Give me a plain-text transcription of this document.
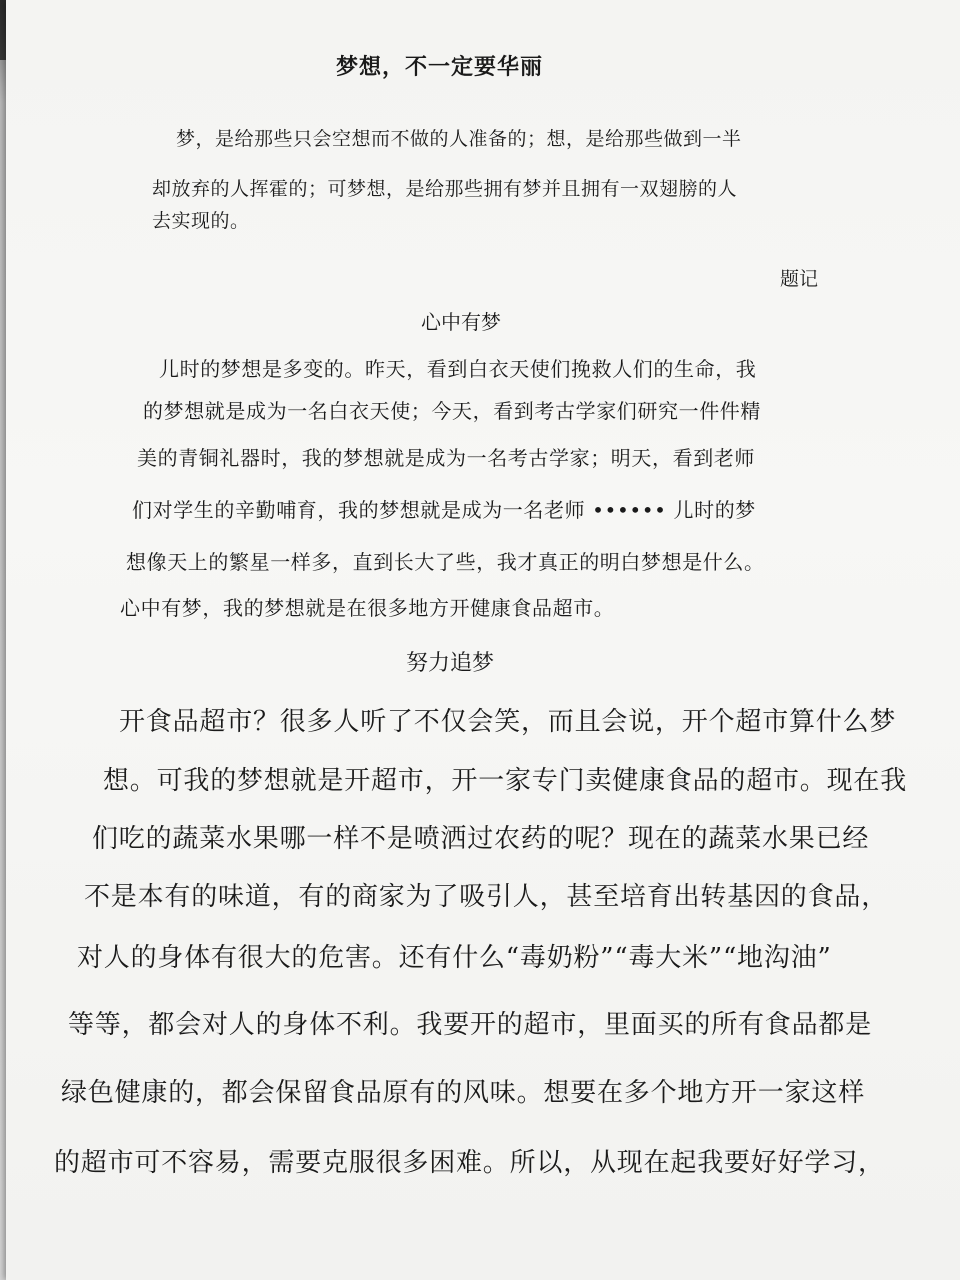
梦想，不一定要华丽

梦，是给那些只会空想而不做的人准备的；想，是给那些做到一半

却放弃的人挥霍的；可梦想，是给那些拥有梦并且拥有一双翅膀的人

去实现的。

题记

心中有梦

儿时的梦想是多变的。昨天，看到白衣天使们挽救人们的生命，我

的梦想就是成为一名白衣天使；今天，看到考古学家们研究一件件精

美的青铜礼器时，我的梦想就是成为一名考古学家；明天，看到老师

们对学生的辛勤哺育，我的梦想就是成为一名老师 •••••• 儿时的梦

想像天上的繁星一样多，直到长大了些，我才真正的明白梦想是什么。

心中有梦，我的梦想就是在很多地方开健康食品超市。

努力追梦

开食品超市？很多人听了不仅会笑，而且会说，开个超市算什么梦

想。可我的梦想就是开超市，开一家专门卖健康食品的超市。现在我

们吃的蔬菜水果哪一样不是喷洒过农药的呢？现在的蔬菜水果已经

不是本有的味道，有的商家为了吸引人，甚至培育出转基因的食品，

对人的身体有很大的危害。还有什么“毒奶粉”“毒大米”“地沟油”

等等，都会对人的身体不利。我要开的超市，里面买的所有食品都是

绿色健康的，都会保留食品原有的风味。想要在多个地方开一家这样

的超市可不容易，需要克服很多困难。所以，从现在起我要好好学习，
